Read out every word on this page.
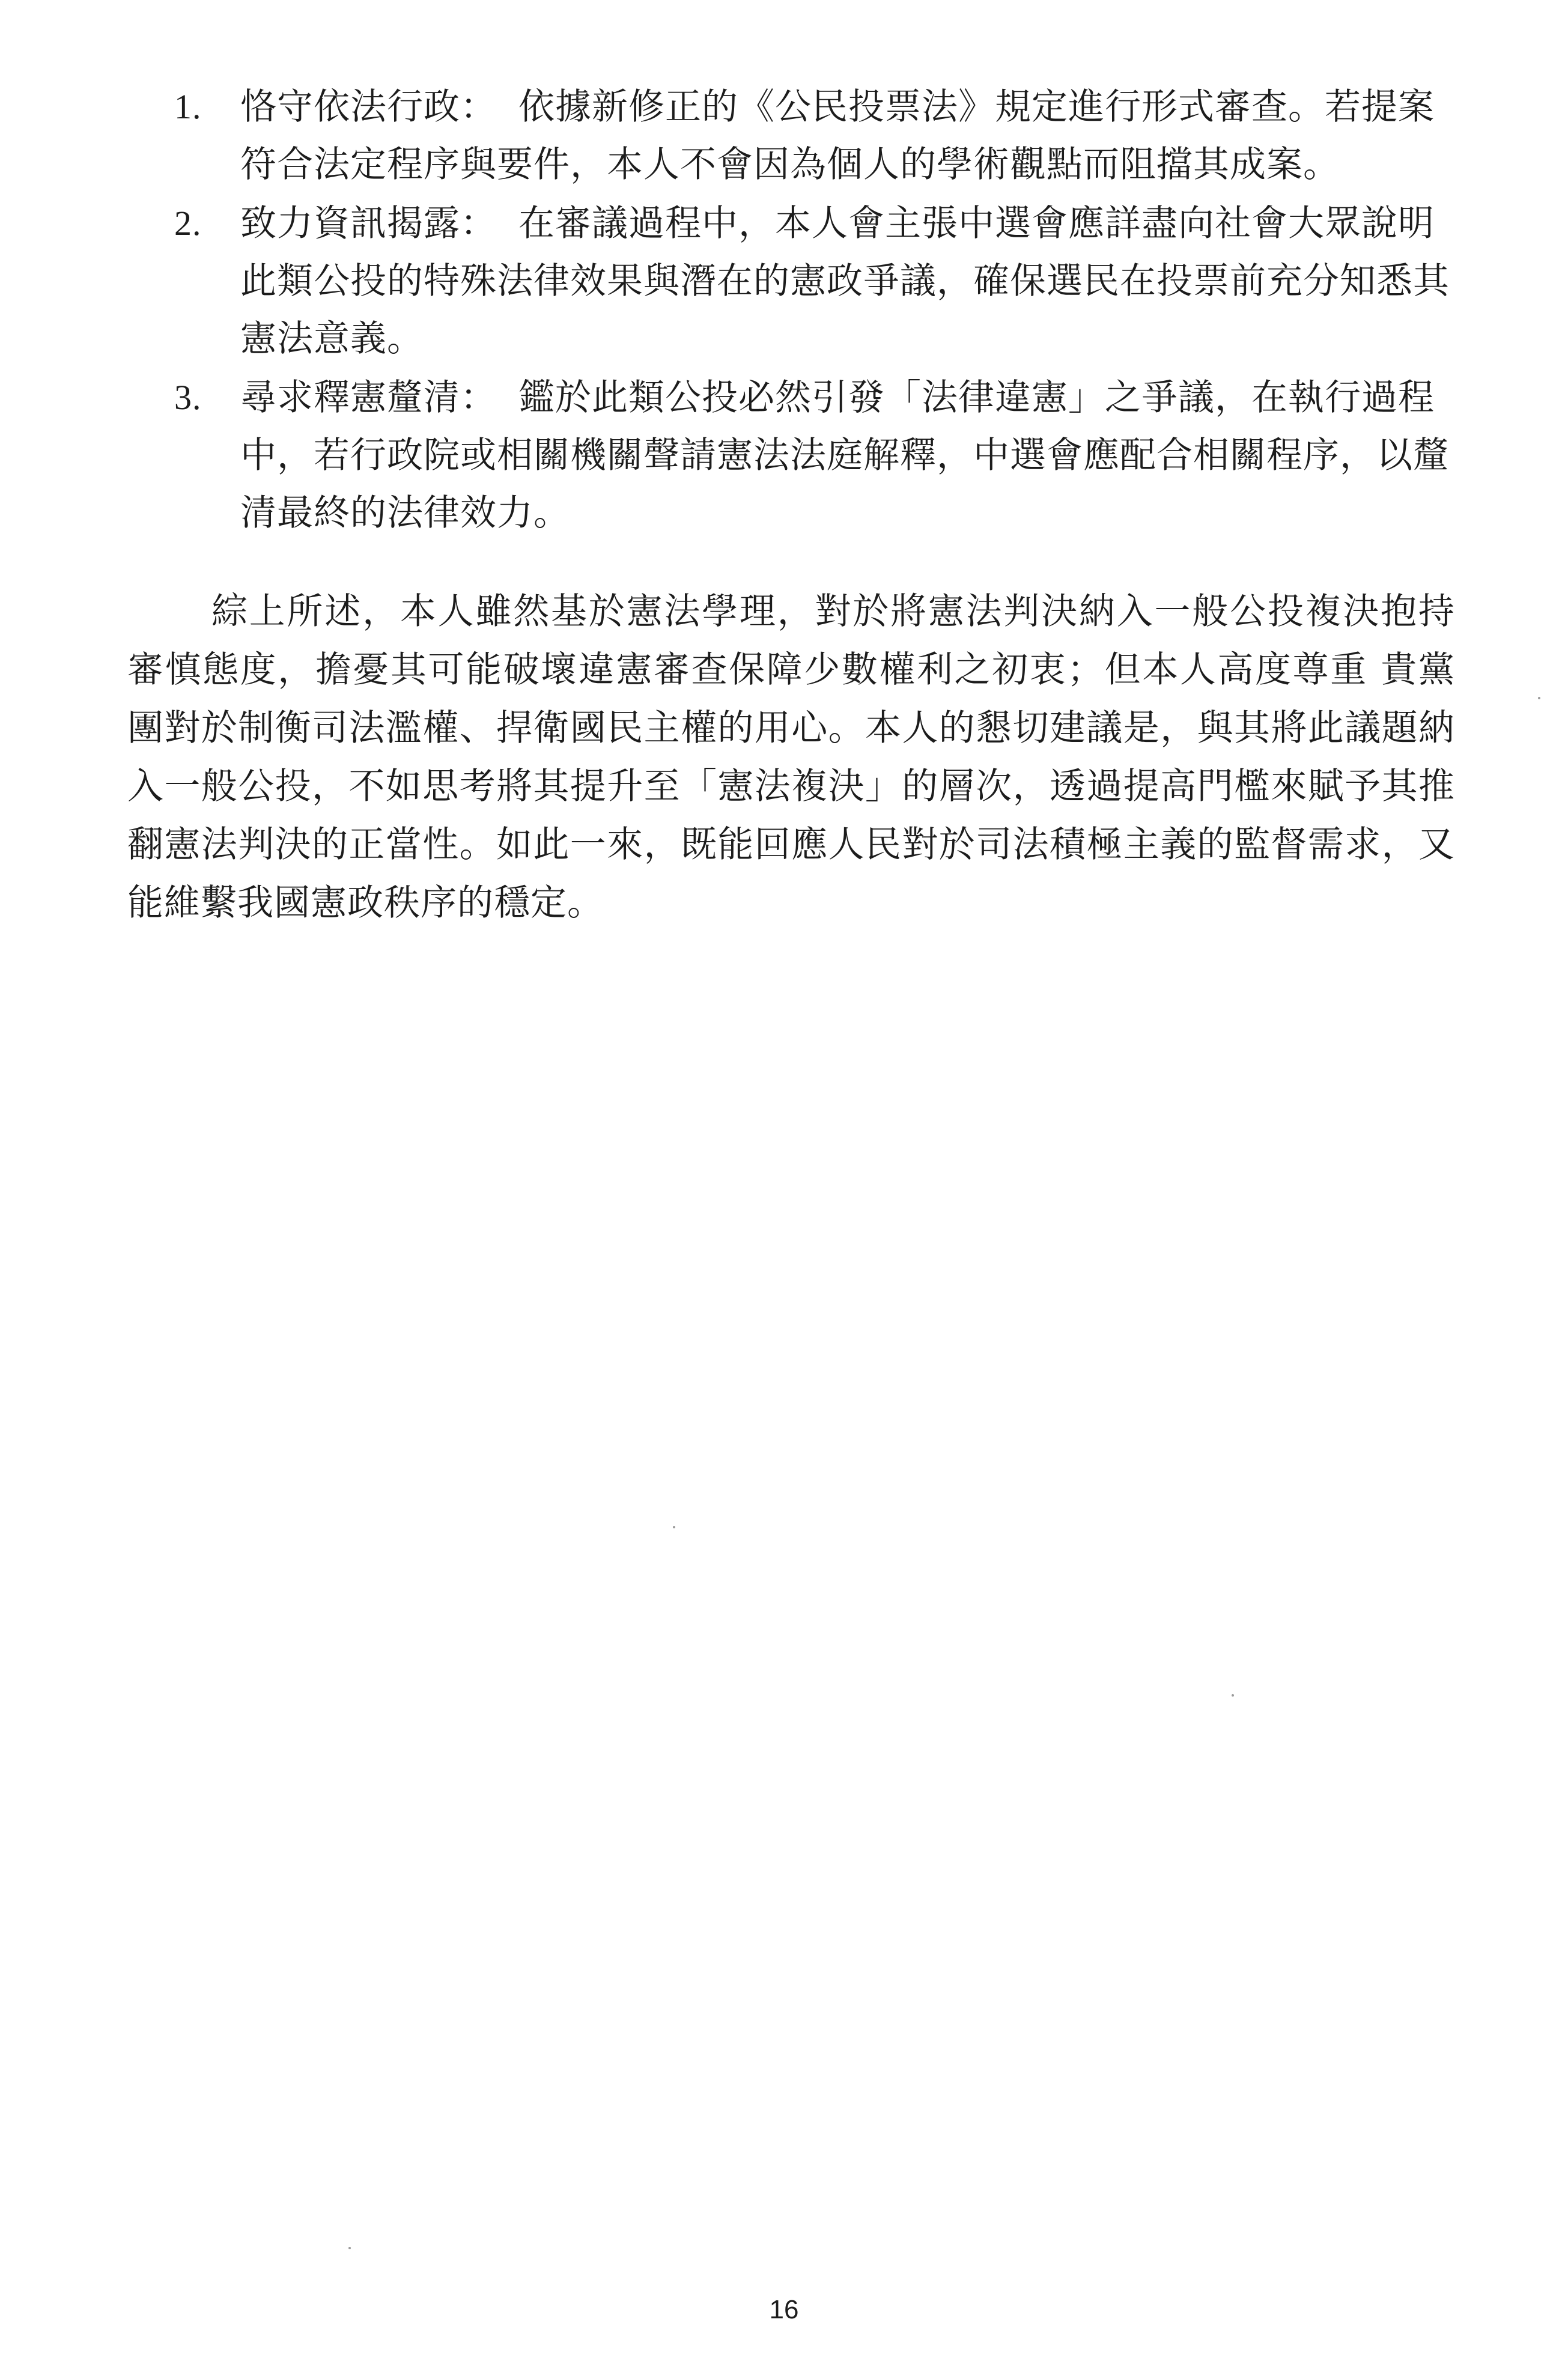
1. 恪守依法行政： 依據新修正的《公民投票法》規定進行形式審查。若提案符合法定程序與要件，本人不會因為個人的學術觀點而阻擋其成案。
2. 致力資訊揭露： 在審議過程中，本人會主張中選會應詳盡向社會大眾說明此類公投的特殊法律效果與潛在的憲政爭議，確保選民在投票前充分知悉其憲法意義。
3. 尋求釋憲釐清： 鑑於此類公投必然引發「法律違憲」之爭議，在執行過程中，若行政院或相關機關聲請憲法法庭解釋，中選會應配合相關程序，以釐清最終的法律效力。

綜上所述，本人雖然基於憲法學理，對於將憲法判決納入一般公投複決抱持審慎態度，擔憂其可能破壞違憲審查保障少數權利之初衷；但本人高度尊重 貴黨團對於制衡司法濫權、捍衛國民主權的用心。本人的懇切建議是，與其將此議題納入一般公投，不如思考將其提升至「憲法複決」的層次，透過提高門檻來賦予其推翻憲法判決的正當性。如此一來，既能回應人民對於司法積極主義的監督需求，又能維繫我國憲政秩序的穩定。

16
